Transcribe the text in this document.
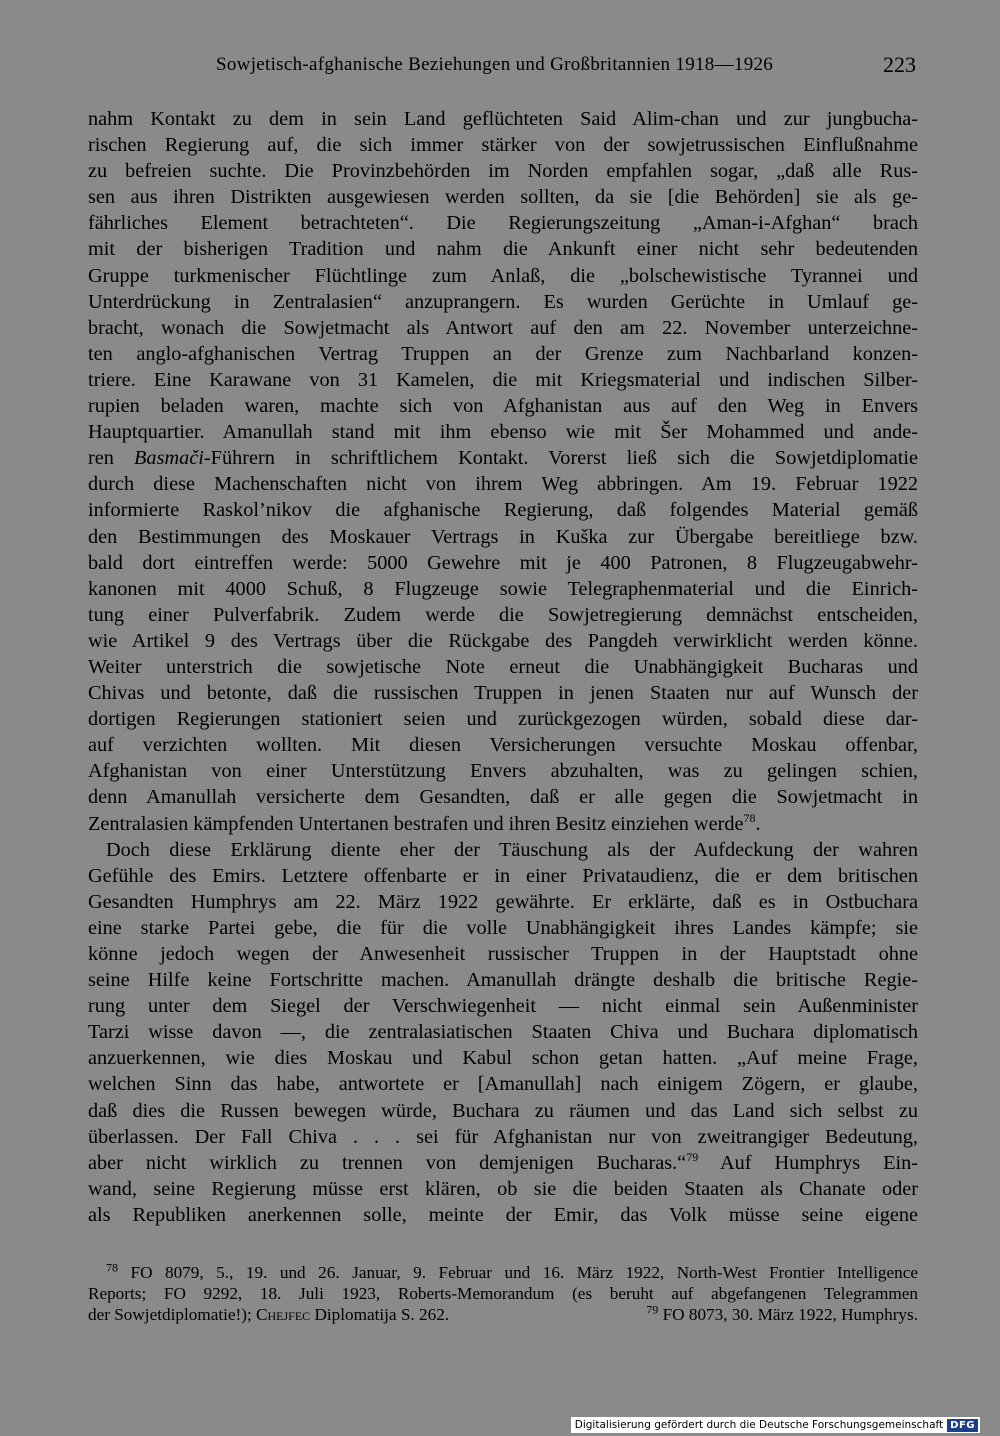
Sowjetisch-afghanische Beziehungen und Großbritannien 1918—1926	223
nahm Kontakt zu dem in sein Land geflüchteten Said Alim-chan und zur jungbucha-
rischen Regierung auf, die sich immer stärker von der sowjetrussischen Einflußnahme
zu befreien suchte. Die Provinzbehörden im Norden empfahlen sogar, „daß alle Rus-
sen aus ihren Distrikten ausgewiesen werden sollten, da sie [die Behörden] sie als ge-
fährliches Element betrachteten“. Die Regierungszeitung „Aman-i-Afghan“ brach
mit der bisherigen Tradition und nahm die Ankunft einer nicht sehr bedeutenden
Gruppe turkmenischer Flüchtlinge zum Anlaß, die „bolschewistische Tyrannei und
Unterdrückung in Zentralasien“ anzuprangern. Es wurden Gerüchte in Umlauf ge-
bracht, wonach die Sowjetmacht als Antwort auf den am 22. November unterzeichne-
ten anglo-afghanischen Vertrag Truppen an der Grenze zum Nachbarland konzen-
triere. Eine Karawane von 31 Kamelen, die mit Kriegsmaterial und indischen Silber-
rupien beladen waren, machte sich von Afghanistan aus auf den Weg in Envers
Hauptquartier. Amanullah stand mit ihm ebenso wie mit Šer Mohammed und ande-
ren Basmači-Führern in schriftlichem Kontakt. Vorerst ließ sich die Sowjetdiplomatie
durch diese Machenschaften nicht von ihrem Weg abbringen. Am 19. Februar 1922
informierte Raskol’nikov die afghanische Regierung, daß folgendes Material gemäß
den Bestimmungen des Moskauer Vertrags in Kuška zur Übergabe bereitliege bzw.
bald dort eintreffen werde: 5000 Gewehre mit je 400 Patronen, 8 Flugzeugabwehr-
kanonen mit 4000 Schuß, 8 Flugzeuge sowie Telegraphenmaterial und die Einrich-
tung einer Pulverfabrik. Zudem werde die Sowjetregierung demnächst entscheiden,
wie Artikel 9 des Vertrags über die Rückgabe des Pangdeh verwirklicht werden könne.
Weiter unterstrich die sowjetische Note erneut die Unabhängigkeit Bucharas und
Chivas und betonte, daß die russischen Truppen in jenen Staaten nur auf Wunsch der
dortigen Regierungen stationiert seien und zurückgezogen würden, sobald diese dar-
auf verzichten wollten. Mit diesen Versicherungen versuchte Moskau offenbar,
Afghanistan von einer Unterstützung Envers abzuhalten, was zu gelingen schien,
denn Amanullah versicherte dem Gesandten, daß er alle gegen die Sowjetmacht in
Zentralasien kämpfenden Untertanen bestrafen und ihren Besitz einziehen werde$^{78}$.
Doch diese Erklärung diente eher der Täuschung als der Aufdeckung der wahren
Gefühle des Emirs. Letztere offenbarte er in einer Privataudienz, die er dem britischen
Gesandten Humphrys am 22. März 1922 gewährte. Er erklärte, daß es in Ostbuchara
eine starke Partei gebe, die für die volle Unabhängigkeit ihres Landes kämpfe; sie
könne jedoch wegen der Anwesenheit russischer Truppen in der Hauptstadt ohne
seine Hilfe keine Fortschritte machen. Amanullah drängte deshalb die britische Regie-
rung unter dem Siegel der Verschwiegenheit — nicht einmal sein Außenminister
Tarzi wisse davon —, die zentralasiatischen Staaten Chiva und Buchara diplomatisch
anzuerkennen, wie dies Moskau und Kabul schon getan hatten. „Auf meine Frage,
welchen Sinn das habe, antwortete er [Amanullah] nach einigem Zögern, er glaube,
daß dies die Russen bewegen würde, Buchara zu räumen und das Land sich selbst zu
überlassen. Der Fall Chiva . . . sei für Afghanistan nur von zweitrangiger Bedeutung,
aber nicht wirklich zu trennen von demjenigen Bucharas.“$^{79}$ Auf Humphrys Ein-
wand, seine Regierung müsse erst klären, ob sie die beiden Staaten als Chanate oder
als Republiken anerkennen solle, meinte der Emir, das Volk müsse seine eigene
$^{78}$ FO 8079, 5., 19. und 26. Januar, 9. Februar und 16. März 1922, North-West Frontier Intelligence
Reports; FO 9292, 18. Juli 1923, Roberts-Memorandum (es beruht auf abgefangenen Telegrammen
der Sowjetdiplomatie!); Chejfec Diplomatija S. 262.	$^{79}$ FO 8073, 30. März 1922, Humphrys.
Digitalisierung gefördert durch die Deutsche Forschungsgemeinschaft DFG
